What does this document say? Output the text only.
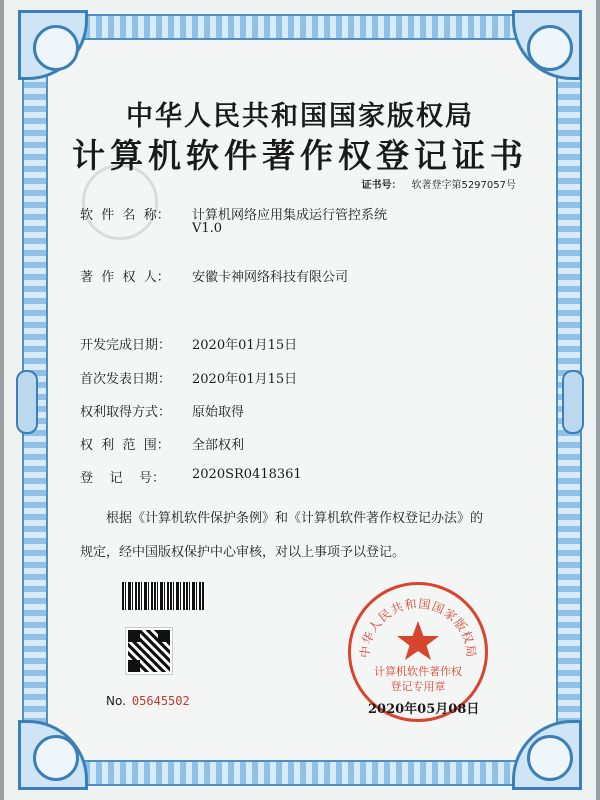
中华人民共和国国家版权局
计算机软件著作权登记证书
证书号： 软著登字第5297057号
软  件  名  称： 计算机网络应用集成运行管控系统
V1.0
著  作  权  人： 安徽卡神网络科技有限公司
开发完成日期： 2020年01月15日
首次发表日期： 2020年01月15日
权利取得方式： 原始取得
权  利  范  围： 全部权利
登    记    号： 2020SR0418361
根据《计算机软件保护条例》和《计算机软件著作权登记办法》的
规定，经中国版权保护中心审核，对以上事项予以登记。
No. 05645502
中华人民共和国国家版权局
计算机软件著作权
登记专用章
2020年05月08日
